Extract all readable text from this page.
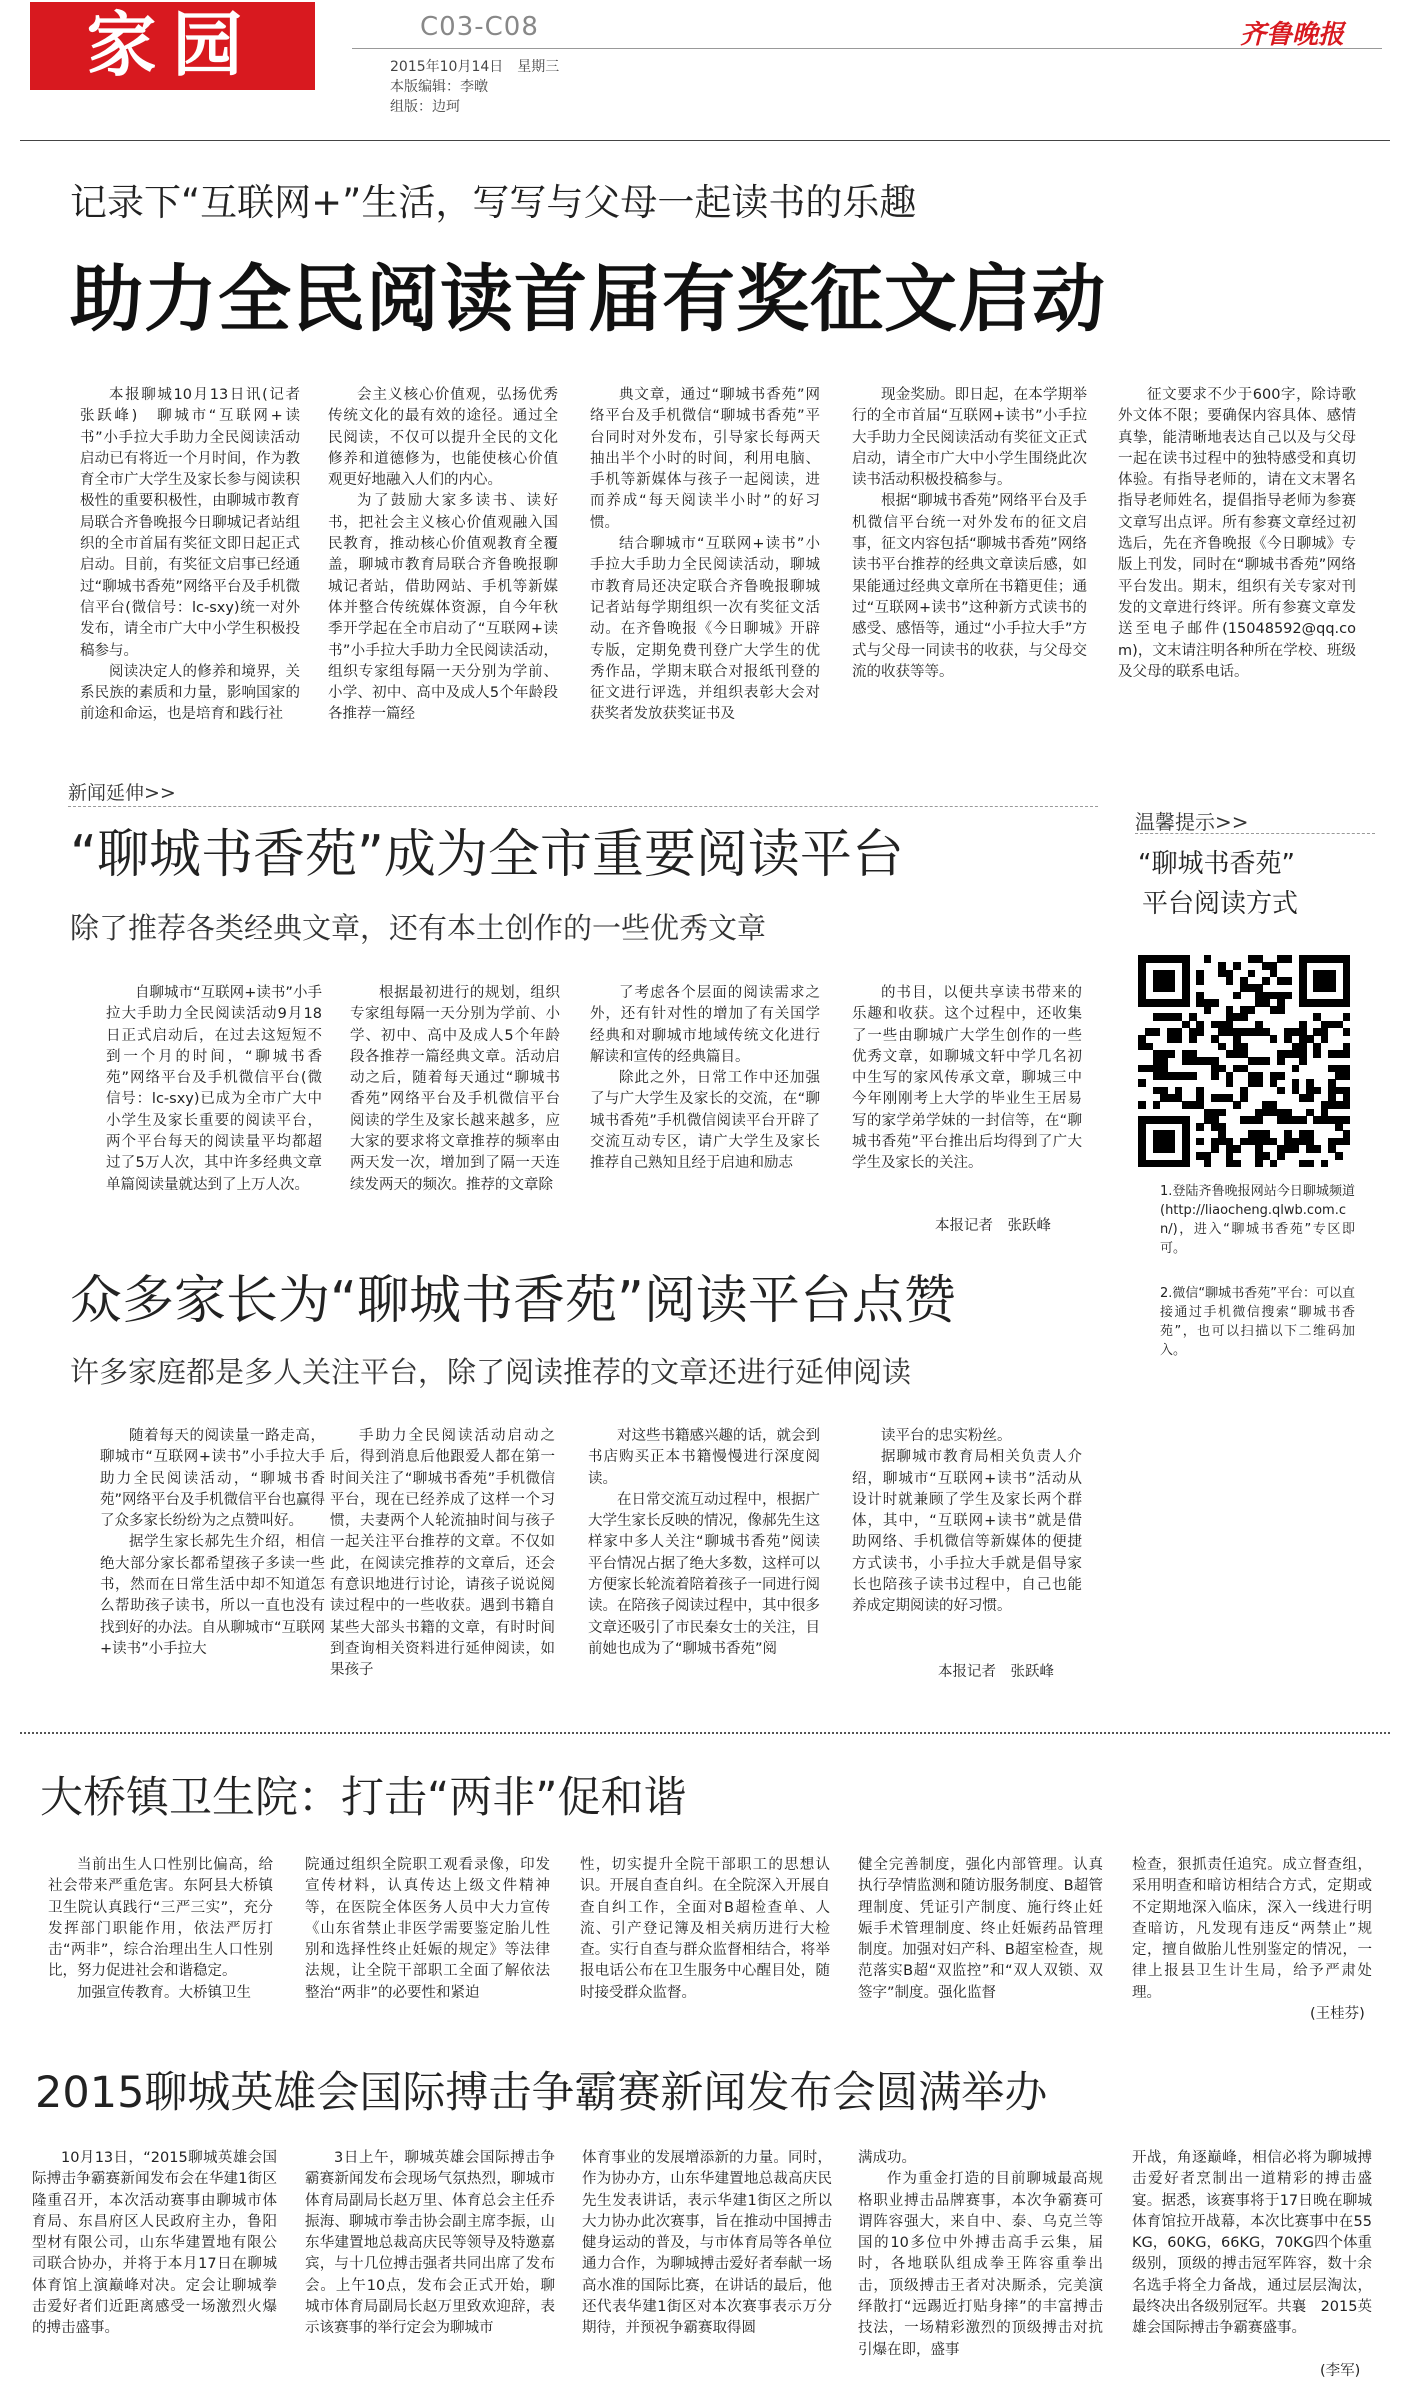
家园	C03-C08
2015年10月14日　星期三
本版编辑：李暾
组版：边珂
齐鲁晚报
记录下“互联网+”生活，写写与父母一起读书的乐趣
助力全民阅读首届有奖征文启动

本报聊城10月13日讯(记者　张跃峰)　聊城市“互联网+读书”小手拉大手助力全民阅读活动启动已有将近一个月时间，作为教育全市广大学生及家长参与阅读积极性的重要积极性，由聊城市教育局联合齐鲁晚报今日聊城记者站组织的全市首届有奖征文即日起正式启动。目前，有奖征文启事已经通过“聊城书香苑”网络平台及手机微信平台(微信号：lc-sxy)统一对外发布，请全市广大中小学生积极投稿参与。

阅读决定人的修养和境界，关系民族的素质和力量，影响国家的前途和命运，也是培育和践行社

会主义核心价值观，弘扬优秀传统文化的最有效的途径。通过全民阅读，不仅可以提升全民的文化修养和道德修为，也能使核心价值观更好地融入人们的内心。

为了鼓励大家多读书、读好书，把社会主义核心价值观融入国民教育，推动核心价值观教育全覆盖，聊城市教育局联合齐鲁晚报聊城记者站，借助网站、手机等新媒体并整合传统媒体资源，自今年秋季开学起在全市启动了“互联网+读书”小手拉大手助力全民阅读活动，组织专家组每隔一天分别为学前、小学、初中、高中及成人5个年龄段各推荐一篇经

典文章，通过“聊城书香苑”网络平台及手机微信“聊城书香苑”平台同时对外发布，引导家长每两天抽出半个小时的时间，利用电脑、手机等新媒体与孩子一起阅读，进而养成“每天阅读半小时”的好习惯。

结合聊城市“互联网+读书”小手拉大手助力全民阅读活动，聊城市教育局还决定联合齐鲁晚报聊城记者站每学期组织一次有奖征文活动。在齐鲁晚报《今日聊城》开辟专版，定期免费刊登广大学生的优秀作品，学期末联合对报纸刊登的征文进行评选，并组织表彰大会对获奖者发放获奖证书及

现金奖励。即日起，在本学期举行的全市首届“互联网+读书”小手拉大手助力全民阅读活动有奖征文正式启动，请全市广大中小学生围绕此次读书活动积极投稿参与。

根据“聊城书香苑”网络平台及手机微信平台统一对外发布的征文启事，征文内容包括“聊城书香苑”网络读书平台推荐的经典文章读后感，如果能通过经典文章所在书籍更佳；通过“互联网+读书”这种新方式读书的感受、感悟等，通过“小手拉大手”方式与父母一同读书的收获，与父母交流的收获等等。

征文要求不少于600字，除诗歌外文体不限；要确保内容具体、感情真挚，能清晰地表达自己以及与父母一起在读书过程中的独特感受和真切体验。有指导老师的，请在文末署名指导老师姓名，提倡指导老师为参赛文章写出点评。所有参赛文章经过初选后，先在齐鲁晚报《今日聊城》专版上刊发，同时在“聊城书香苑”网络平台发出。期末，组织有关专家对刊发的文章进行终评。所有参赛文章发送至电子邮件(15048592@qq.com)，文末请注明各种所在学校、班级及父母的联系电话。

新闻延伸>>
“聊城书香苑”成为全市重要阅读平台
除了推荐各类经典文章，还有本土创作的一些优秀文章

自聊城市“互联网+读书”小手拉大手助力全民阅读活动9月18日正式启动后，在过去这短短不到一个月的时间，“聊城书香苑”网络平台及手机微信平台(微信号：lc-sxy)已成为全市广大中小学生及家长重要的阅读平台，两个平台每天的阅读量平均都超过了5万人次，其中许多经典文章单篇阅读量就达到了上万人次。

根据最初进行的规划，组织专家组每隔一天分别为学前、小学、初中、高中及成人5个年龄段各推荐一篇经典文章。活动启动之后，随着每天通过“聊城书香苑”网络平台及手机微信平台阅读的学生及家长越来越多，应大家的要求将文章推荐的频率由两天发一次，增加到了隔一天连续发两天的频次。推荐的文章除

了考虑各个层面的阅读需求之外，还有针对性的增加了有关国学经典和对聊城市地域传统文化进行解读和宣传的经典篇目。

除此之外，日常工作中还加强了与广大学生及家长的交流，在“聊城书香苑”手机微信阅读平台开辟了交流互动专区，请广大学生及家长推荐自己熟知且经于启迪和励志

的书目，以便共享读书带来的乐趣和收获。这个过程中，还收集了一些由聊城广大学生创作的一些优秀文章，如聊城文轩中学几名初中生写的家风传承文章，聊城三中今年刚刚考上大学的毕业生王居易写的家学弟学妹的一封信等，在“聊城书香苑”平台推出后均得到了广大学生及家长的关注。

本报记者　张跃峰
温馨提示>>
“聊城书香苑”
平台阅读方式

1.登陆齐鲁晚报网站今日聊城频道(http://liaocheng.qlwb.com.cn/)，进入“聊城书香苑”专区即可。

2.微信“聊城书香苑”平台：可以直接通过手机微信搜索“聊城书香苑”，也可以扫描以下二维码加入。

众多家长为“聊城书香苑”阅读平台点赞
许多家庭都是多人关注平台，除了阅读推荐的文章还进行延伸阅读

随着每天的阅读量一路走高，聊城市“互联网+读书”小手拉大手助力全民阅读活动，“聊城书香苑”网络平台及手机微信平台也赢得了众多家长纷纷为之点赞叫好。

据学生家长郝先生介绍，相信绝大部分家长都希望孩子多读一些书，然而在日常生活中却不知道怎么帮助孩子读书，所以一直也没有找到好的办法。自从聊城市“互联网+读书”小手拉大

手助力全民阅读活动启动之后，得到消息后他跟爱人都在第一时间关注了“聊城书香苑”手机微信平台，现在已经养成了这样一个习惯，夫妻两个人轮流抽时间与孩子一起关注平台推荐的文章。不仅如此，在阅读完推荐的文章后，还会有意识地进行讨论，请孩子说说阅读过程中的一些收获。遇到书籍自某些大部头书籍的文章，有时时间到查询相关资料进行延伸阅读，如果孩子

对这些书籍感兴趣的话，就会到书店购买正本书籍慢慢进行深度阅读。

在日常交流互动过程中，根据广大学生家长反映的情况，像郝先生这样家中多人关注“聊城书香苑”阅读平台情况占据了绝大多数，这样可以方便家长轮流着陪着孩子一同进行阅读。在陪孩子阅读过程中，其中很多文章还吸引了市民秦女士的关注，目前她也成为了“聊城书香苑”阅

读平台的忠实粉丝。

据聊城市教育局相关负责人介绍，聊城市“互联网+读书”活动从设计时就兼顾了学生及家长两个群体，其中，“互联网+读书”就是借助网络、手机微信等新媒体的便捷方式读书，小手拉大手就是倡导家长也陪孩子读书过程中，自己也能养成定期阅读的好习惯。

本报记者　张跃峰
大桥镇卫生院：打击“两非”促和谐

当前出生人口性别比偏高，给社会带来严重危害。东阿县大桥镇卫生院认真践行“三严三实”，充分发挥部门职能作用，依法严厉打击“两非”，综合治理出生人口性别比，努力促进社会和谐稳定。

加强宣传教育。大桥镇卫生

院通过组织全院职工观看录像，印发宣传材料，认真传达上级文件精神等，在医院全体医务人员中大力宣传《山东省禁止非医学需要鉴定胎儿性别和选择性终止妊娠的规定》等法律法规，让全院干部职工全面了解依法整治“两非”的必要性和紧迫

性，切实提升全院干部职工的思想认识。开展自查自纠。在全院深入开展自查自纠工作，全面对B超检查单、人流、引产登记簿及相关病历进行大检查。实行自查与群众监督相结合，将举报电话公布在卫生服务中心醒目处，随时接受群众监督。

健全完善制度，强化内部管理。认真执行孕情监测和随访服务制度、B超管理制度、凭证引产制度、施行终止妊娠手术管理制度、终止妊娠药品管理制度。加强对妇产科、B超室检查，规范落实B超“双监控”和“双人双锁、双签字”制度。强化监督

检查，狠抓责任追究。成立督查组，采用明查和暗访相结合方式，定期或不定期地深入临床，深入一线进行明查暗访，凡发现有违反“两禁止”规定，擅自做胎儿性别鉴定的情况，一律上报县卫生计生局，给予严肃处理。

(王桂芬)
2015聊城英雄会国际搏击争霸赛新闻发布会圆满举办

10月13日，“2015聊城英雄会国际搏击争霸赛新闻发布会在华建1街区隆重召开，本次活动赛事由聊城市体育局、东昌府区人民政府主办，鲁阳型材有限公司，山东华建置地有限公司联合协办，并将于本月17日在聊城体育馆上演巅峰对决。定会让聊城拳击爱好者们近距离感受一场激烈火爆的搏击盛事。

3日上午，聊城英雄会国际搏击争霸赛新闻发布会现场气氛热烈，聊城市体育局副局长赵万里、体育总会主任乔振海、聊城市拳击协会副主席李振，山东华建置地总裁高庆民等领导及特邀嘉宾，与十几位搏击强者共同出席了发布会。上午10点，发布会正式开始，聊城市体育局副局长赵万里致欢迎辞，表示该赛事的举行定会为聊城市

体育事业的发展增添新的力量。同时，作为协办方，山东华建置地总裁高庆民先生发表讲话，表示华建1街区之所以大力协办此次赛事，旨在推动中国搏击健身运动的普及，与市体育局等各单位通力合作，为聊城搏击爱好者奉献一场高水准的国际比赛，在讲话的最后，他还代表华建1街区对本次赛事表示万分期待，并预祝争霸赛取得圆

满成功。

作为重金打造的目前聊城最高规格职业搏击品牌赛事，本次争霸赛可谓阵容强大，来自中、泰、乌克兰等国的10多位中外搏击高手云集，届时，各地联队组成拳王阵容重拳出击，顶级搏击王者对决厮杀，完美演绎散打“远踢近打贴身摔”的丰富搏击技法，一场精彩激烈的顶级搏击对抗引爆在即，盛事

开战，角逐巅峰，相信必将为聊城搏击爱好者烹制出一道精彩的搏击盛宴。据悉，该赛事将于17日晚在聊城体育馆拉开战幕，本次比赛事中在55KG，60KG，66KG，70KG四个体重级别，顶级的搏击冠军阵容，数十余名选手将全力备战，通过层层淘汰，最终决出各级别冠军。共襄　2015英雄会国际搏击争霸赛盛事。

(李军)
